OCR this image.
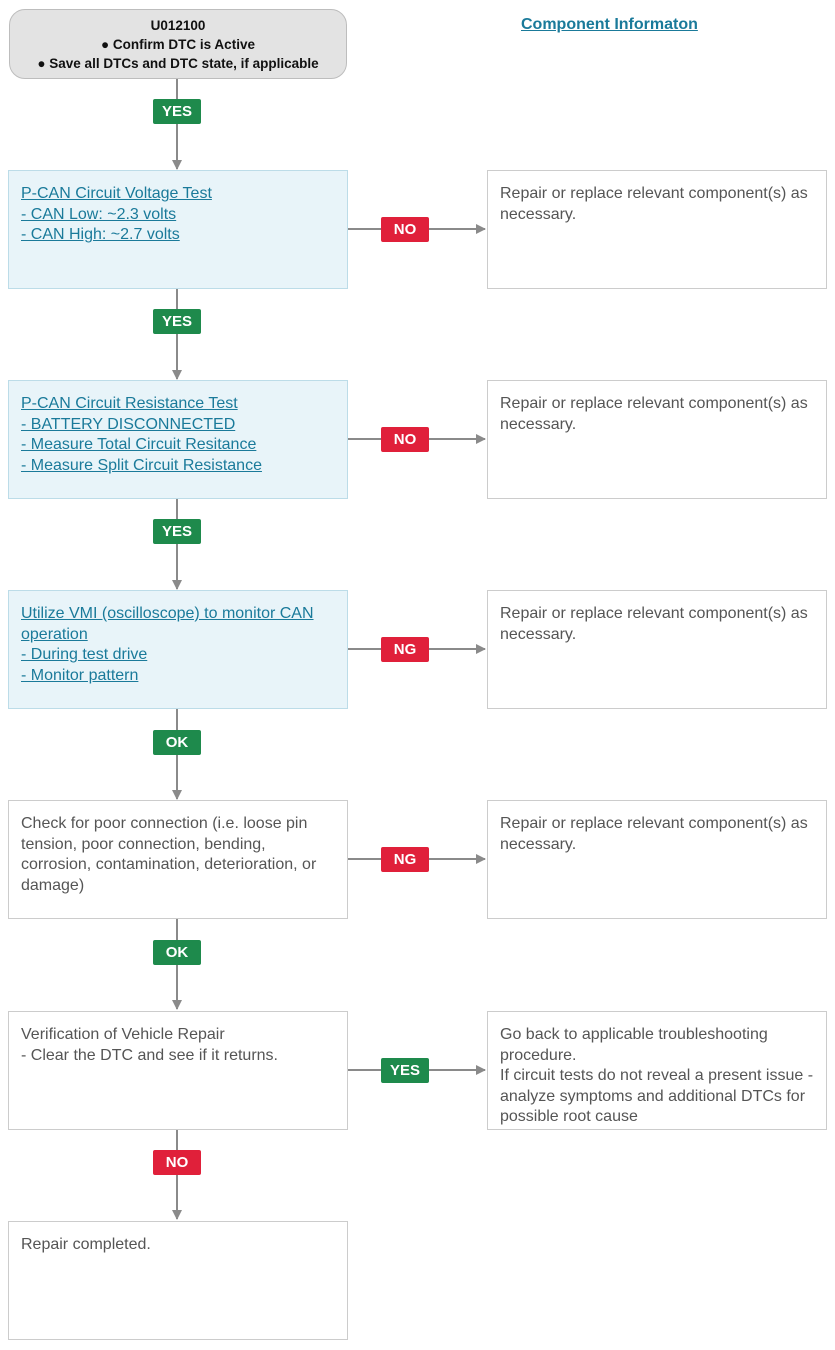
U012100
● Confirm DTC is Active
● Save all DTCs and DTC state, if applicable
Component Informaton
YES
YES
YES
OK
OK
NO
NO
NO
NG
NG
YES
P-CAN Circuit Voltage Test
- CAN Low: ~2.3 volts
- CAN High: ~2.7 volts
Repair or replace relevant component(s) as necessary.
P-CAN Circuit Resistance Test
- BATTERY DISCONNECTED
- Measure Total Circuit Resitance
- Measure Split Circuit Resistance
Repair or replace relevant component(s) as necessary.
Utilize VMI (oscilloscope) to monitor CAN operation
- During test drive
- Monitor pattern
Repair or replace relevant component(s) as necessary.
Check for poor connection (i.e. loose pin tension, poor connection, bending, corrosion, contamination, deterioration, or damage)
Repair or replace relevant component(s) as necessary.
Verification of Vehicle Repair
- Clear the DTC and see if it returns.
Go back to applicable troubleshooting procedure.
If circuit tests do not reveal a present issue - analyze symptoms and additional DTCs for possible root cause
Repair completed.
